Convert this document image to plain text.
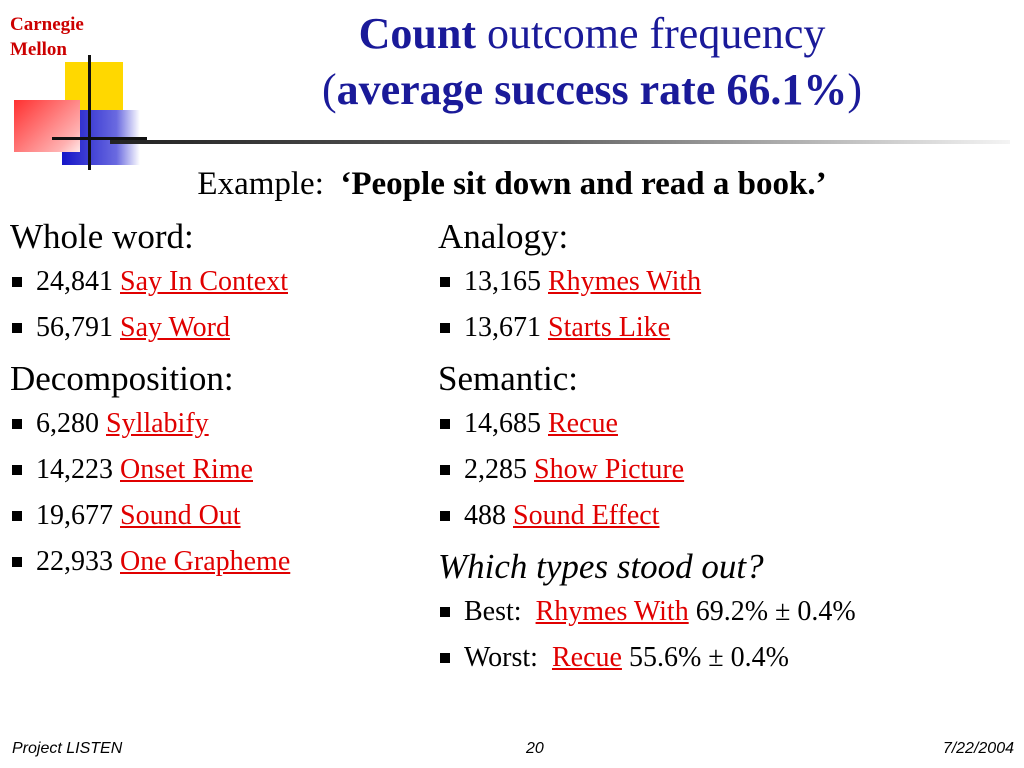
Carnegie
Mellon	Count outcome frequency
(average success rate 66.1%)
Example: ‘People sit down and read a book.’
Whole word:
24,841 Say In Context
56,791 Say Word
Decomposition:
6,280 Syllabify
14,223 Onset Rime
19,677 Sound Out
22,933 One Grapheme
Analogy:
13,165 Rhymes With
13,671 Starts Like
Semantic:
14,685 Recue
2,285 Show Picture
488 Sound Effect
Which types stood out?
Best: Rhymes With 69.2% ± 0.4%
Worst: Recue 55.6% ± 0.4%
Project LISTEN	20	7/22/2004
